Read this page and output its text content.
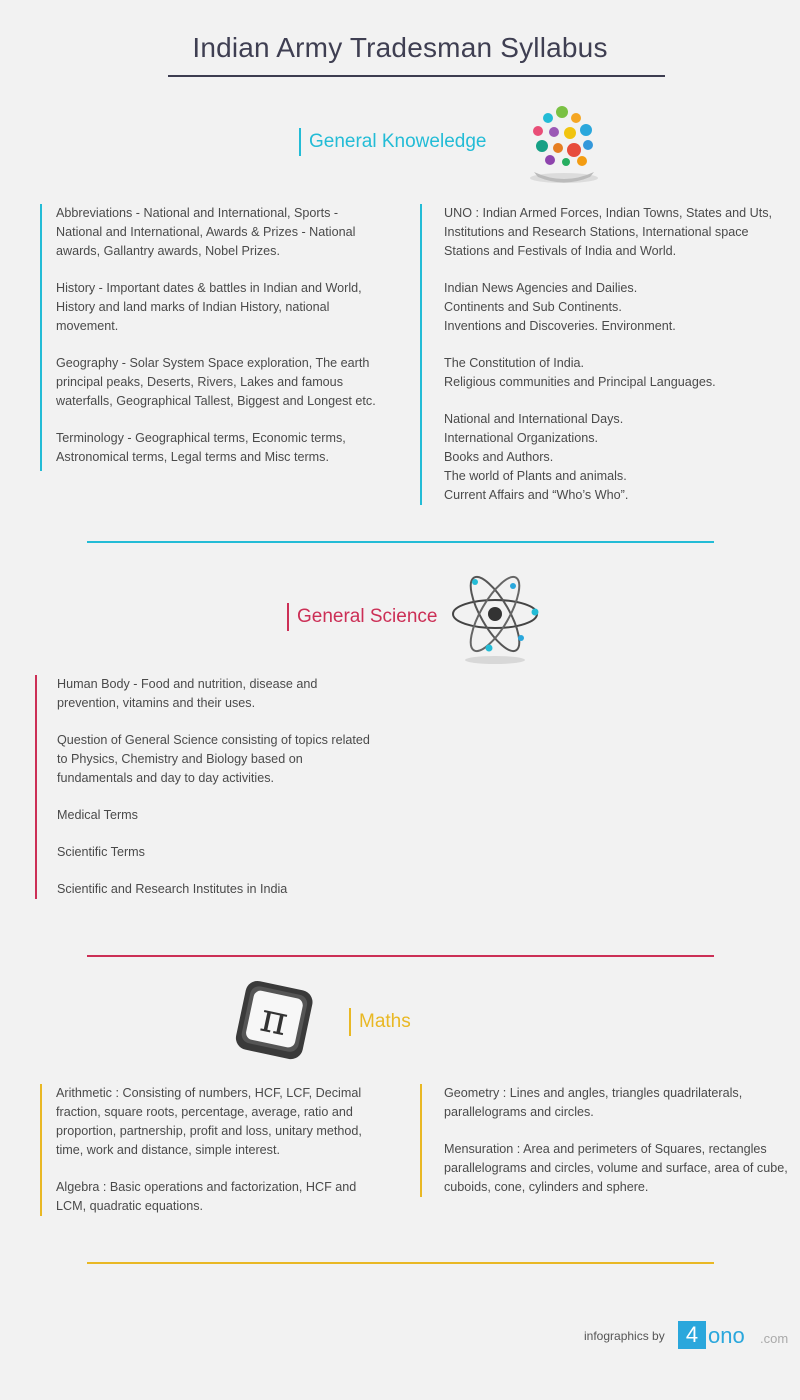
Indian Army Tradesman Syllabus
General Knoweledge
Abbreviations - National and International, Sports - National and International, Awards & Prizes - National awards, Gallantry awards, Nobel Prizes.
History - Important dates & battles in Indian and World, History and land marks of Indian History, national movement.
Geography - Solar System Space exploration, The earth principal peaks, Deserts, Rivers, Lakes and famous waterfalls, Geographical Tallest, Biggest and Longest etc.
Terminology - Geographical terms, Economic terms, Astronomical terms, Legal terms and Misc terms.
UNO : Indian Armed Forces, Indian Towns, States and Uts, Institutions and Research Stations, International space Stations and Festivals of India and World.
Indian News Agencies and Dailies.
Continents and Sub Continents.
Inventions and Discoveries. Environment.
The Constitution of India.
Religious communities and Principal Languages.
National and International Days.
International Organizations.
Books and Authors.
The world of Plants and animals.
Current Affairs and “Who’s Who”.
General Science
Human Body - Food and nutrition, disease and prevention, vitamins and their uses.
Question of General Science consisting of topics related to Physics, Chemistry and Biology based on fundamentals and day to day activities.
Medical Terms
Scientific Terms
Scientific and Research Institutes in India
π	Maths
Arithmetic : Consisting of numbers, HCF, LCF, Decimal fraction, square roots, percentage, average, ratio and proportion, partnership, profit and loss, unitary method, time, work and distance, simple interest.
Algebra : Basic operations and factorization, HCF and LCM, quadratic equations.
Geometry : Lines and angles, triangles quadrilaterals, parallelograms and circles.
Mensuration : Area and perimeters of Squares, rectangles parallelograms and circles, volume and surface, area of cube, cuboids, cone, cylinders and sphere.
infographics by 4 ono .com
